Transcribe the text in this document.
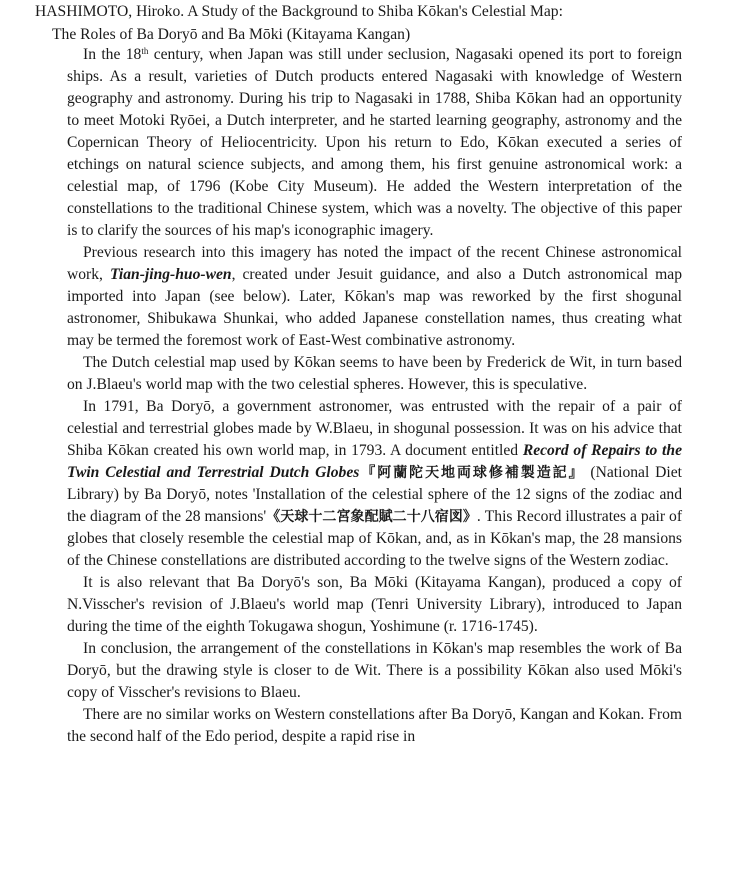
HASHIMOTO, Hiroko. A Study of the Background to Shiba Kōkan's Celestial Map:
The Roles of Ba Doryō and Ba Mōki (Kitayama Kangan)

In the 18th century, when Japan was still under seclusion, Nagasaki opened its port to foreign ships. As a result, varieties of Dutch products entered Nagasaki with knowledge of Western geography and astronomy. During his trip to Nagasaki in 1788, Shiba Kōkan had an opportunity to meet Motoki Ryōei, a Dutch interpreter, and he started learning geography, astronomy and the Copernican Theory of Heliocentricity. Upon his return to Edo, Kōkan executed a series of etchings on natural science subjects, and among them, his first genuine astronomical work: a celestial map, of 1796 (Kobe City Museum). He added the Western interpretation of the constellations to the traditional Chinese system, which was a novelty. The objective of this paper is to clarify the sources of his map's iconographic imagery.

Previous research into this imagery has noted the impact of the recent Chinese astronomical work, Tian-jing-huo-wen, created under Jesuit guidance, and also a Dutch astronomical map imported into Japan (see below). Later, Kōkan's map was reworked by the first shogunal astronomer, Shibukawa Shunkai, who added Japanese constellation names, thus creating what may be termed the foremost work of East-West combinative astronomy.

The Dutch celestial map used by Kōkan seems to have been by Frederick de Wit, in turn based on J.Blaeu's world map with the two celestial spheres. However, this is speculative.

In 1791, Ba Doryō, a government astronomer, was entrusted with the repair of a pair of celestial and terrestrial globes made by W.Blaeu, in shogunal possession. It was on his advice that Shiba Kōkan created his own world map, in 1793. A document entitled Record of Repairs to the Twin Celestial and Terrestrial Dutch Globes『阿蘭陀天地両球修補製造記』 (National Diet Library) by Ba Doryō, notes 'Installation of the celestial sphere of the 12 signs of the zodiac and the diagram of the 28 mansions'《天球十二宮象配賦二十八宿図》. This Record illustrates a pair of globes that closely resemble the celestial map of Kōkan, and, as in Kōkan's map, the 28 mansions of the Chinese constellations are distributed according to the twelve signs of the Western zodiac.

It is also relevant that Ba Doryō's son, Ba Mōki (Kitayama Kangan), produced a copy of N.Visscher's revision of J.Blaeu's world map (Tenri University Library), introduced to Japan during the time of the eighth Tokugawa shogun, Yoshimune (r. 1716-1745).

In conclusion, the arrangement of the constellations in Kōkan's map resembles the work of Ba Doryō, but the drawing style is closer to de Wit. There is a possibility Kōkan also used Mōki's copy of Visscher's revisions to Blaeu.

There are no similar works on Western constellations after Ba Doryō, Kangan and Kokan. From the second half of the Edo period, despite a rapid rise in
